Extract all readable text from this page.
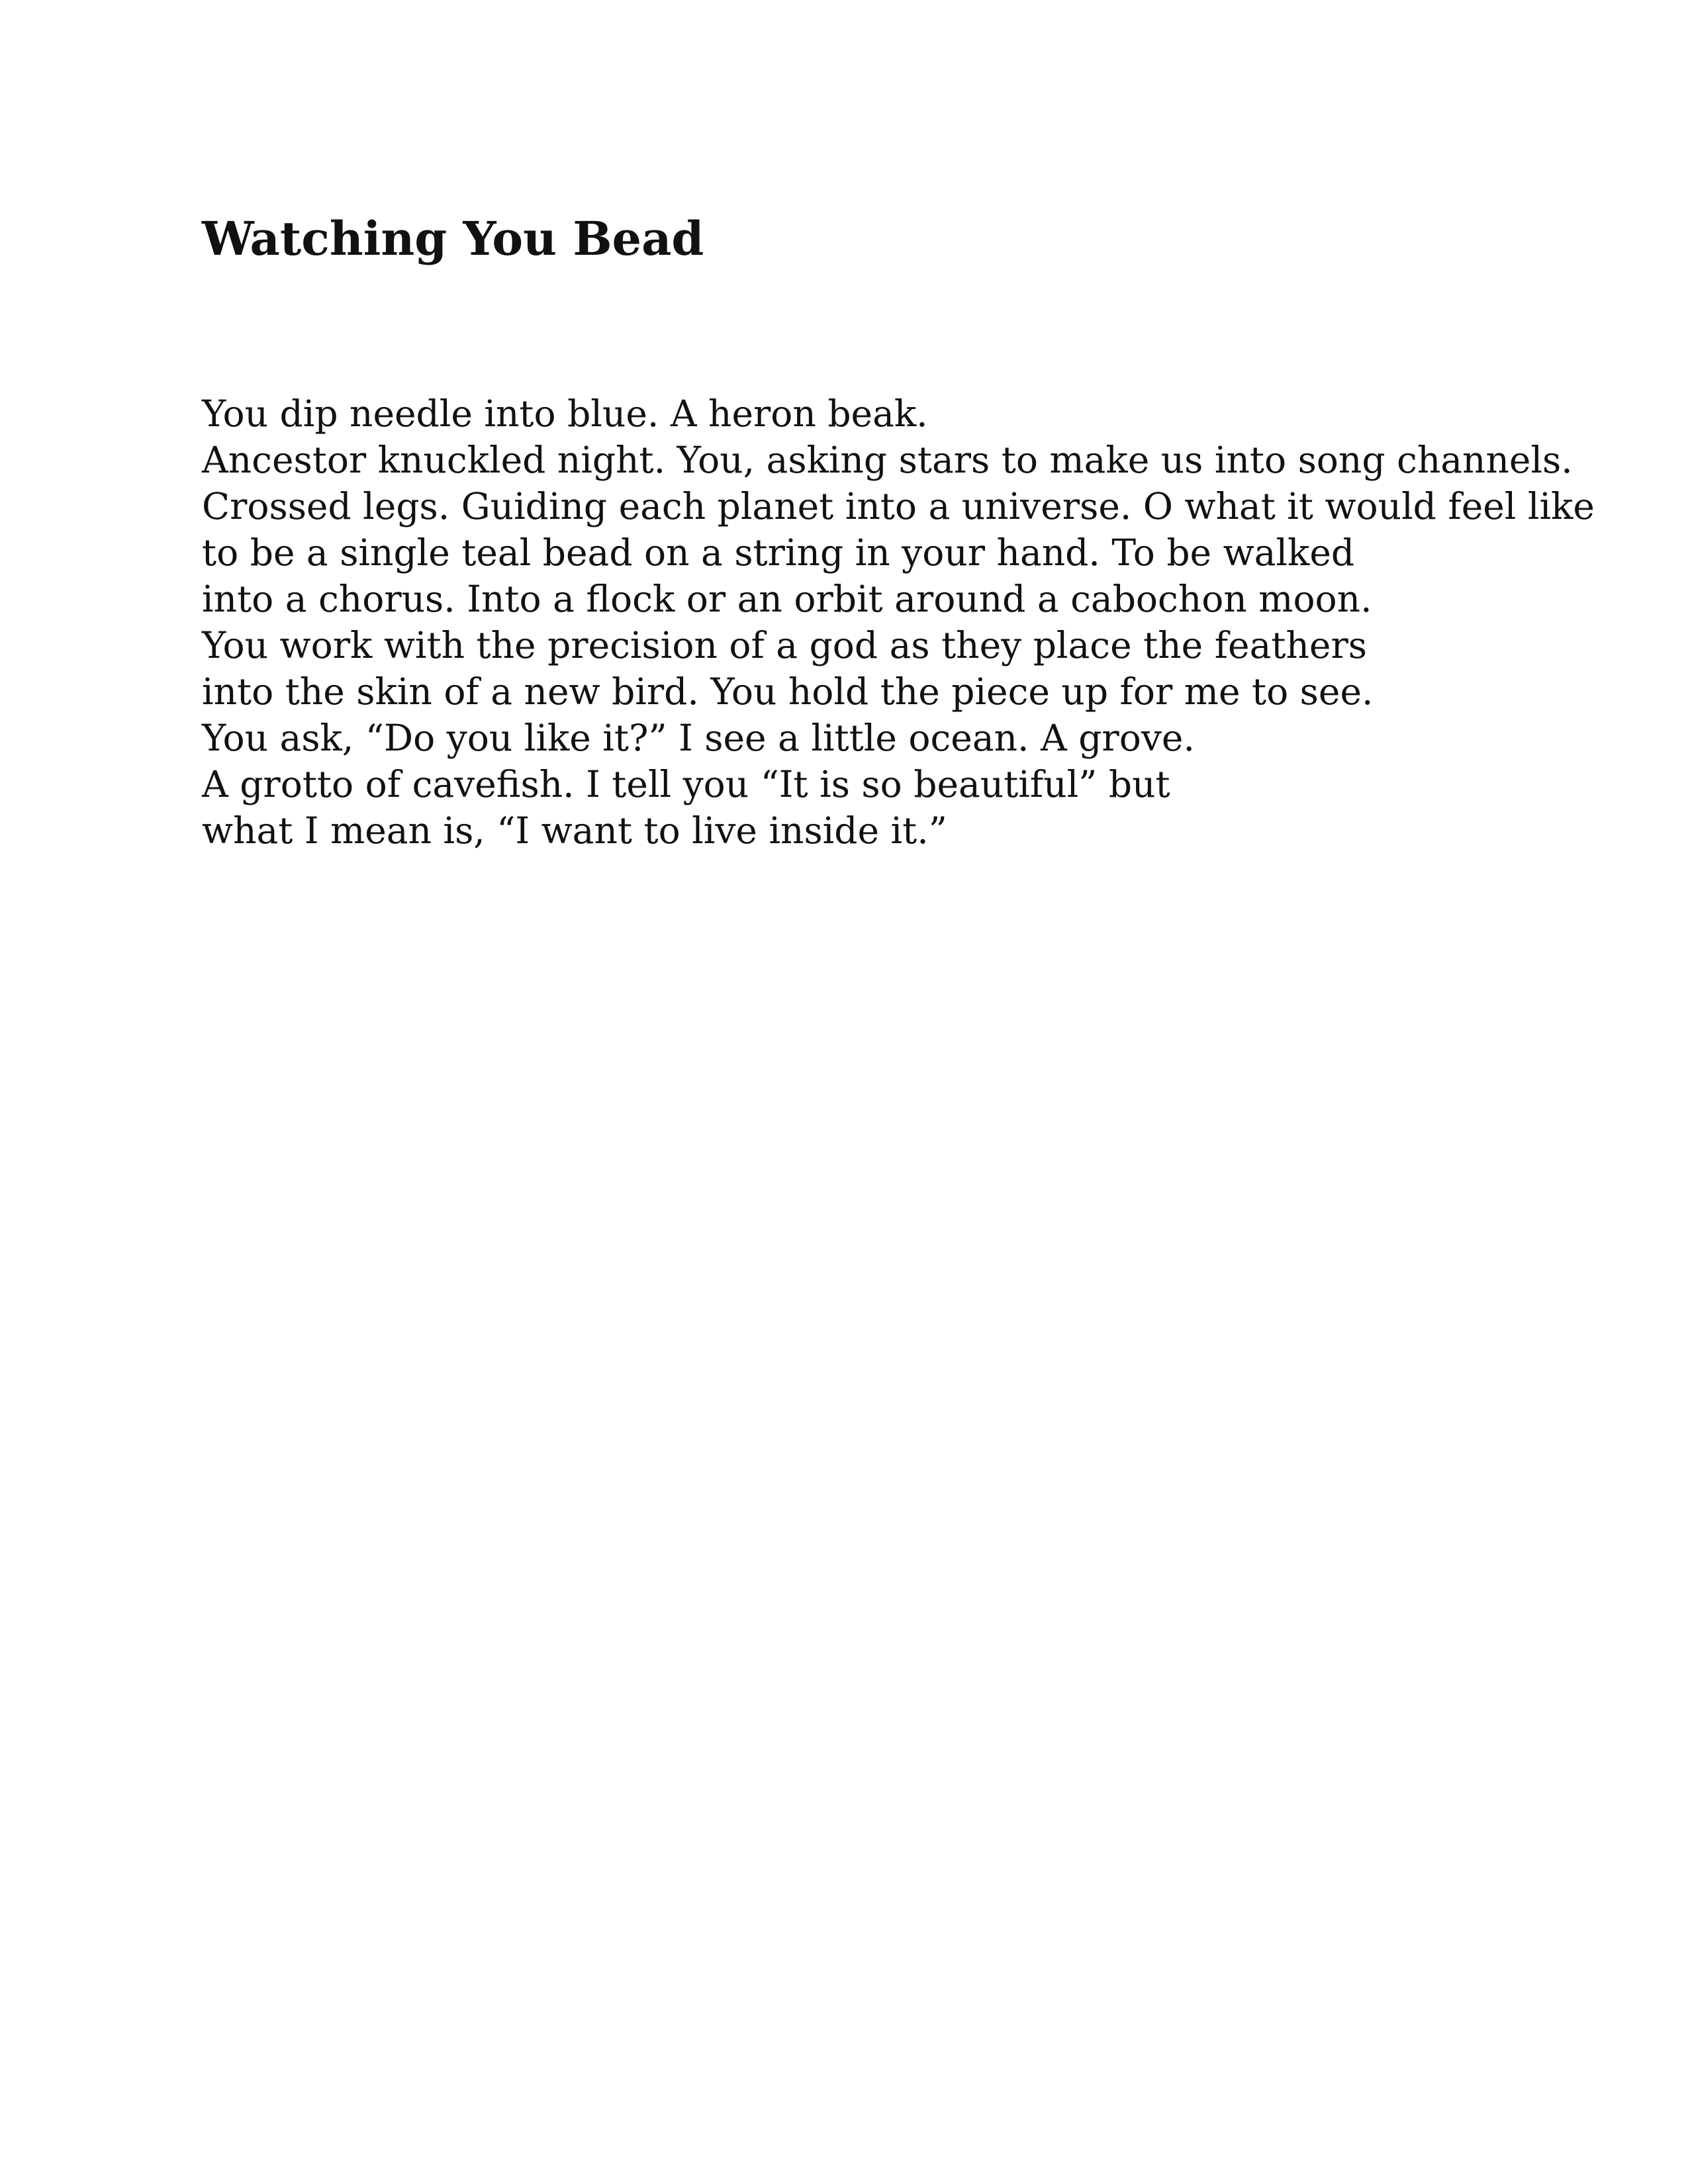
Watching You Bead
You dip needle into blue. A heron beak.
Ancestor knuckled night. You, asking stars to make us into song channels.
Crossed legs. Guiding each planet into a universe. O what it would feel like
to be a single teal bead on a string in your hand. To be walked
into a chorus. Into a flock or an orbit around a cabochon moon.
You work with the precision of a god as they place the feathers
into the skin of a new bird. You hold the piece up for me to see.
You ask, “Do you like it?” I see a little ocean. A grove.
A grotto of cavefish. I tell you “It is so beautiful” but
what I mean is, “I want to live inside it.”
